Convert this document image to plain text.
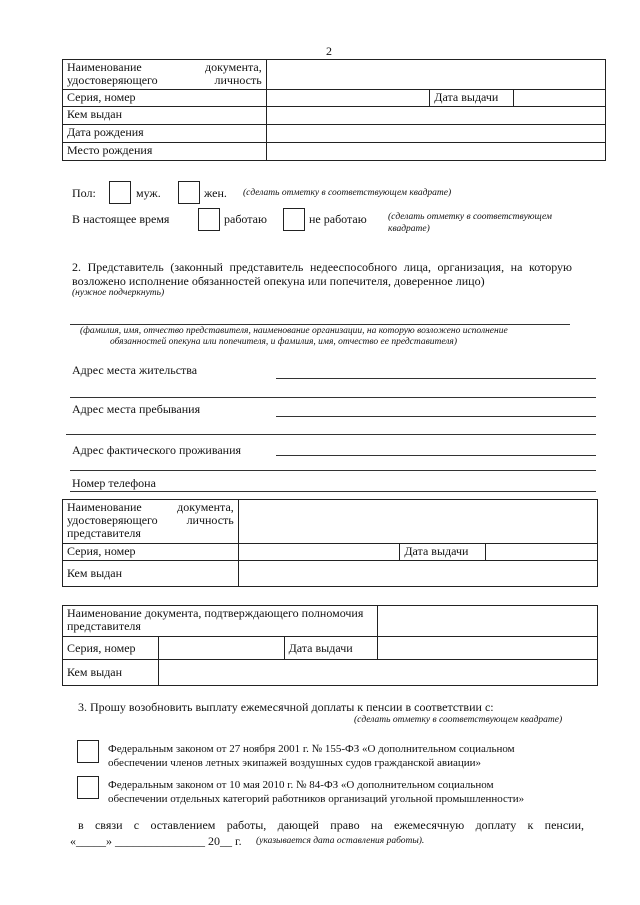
2
Наименование документа, удостоверяющего личность			

Серия, номер		Дата выдачи	
Кем выдан			
Дата рождения			
Место рождения			
Пол:	муж.	жен. (сделать отметку в соответствующем квадрате)
В настоящее время	работаю	не работаю (сделать отметку в соответствующем
квадрате)
2. Представитель (законный представитель недееспособного лица, организация, на которую возложено исполнение обязанностей опекуна или попечителя, доверенное лицо)
(нужное подчеркнуть)
(фамилия, имя, отчество представителя, наименование организации, на которую возложено исполнение
обязанностей опекуна или попечителя, и фамилия, имя, отчество ее представителя)
Адрес места жительства
Адрес места пребывания
Адрес фактического проживания
Номер телефона
Наименование документа, удостоверяющего личность представителя			

Серия, номер		Дата выдачи	
Кем выдан			
Наименование документа, подтверждающего полномочия представителя			
Серия, номер		Дата выдачи	
Кем выдан			
3. Прошу возобновить выплату ежемесячной доплаты к пенсии в соответствии с:
(сделать отметку в соответствующем квадрате)
Федеральным законом от 27 ноября 2001 г. № 155-ФЗ «О дополнительном социальном
обеспечении членов летных экипажей воздушных судов гражданской авиации»
Федеральным законом от 10 мая 2010 г. № 84-ФЗ «О дополнительном социальном
обеспечении отдельных категорий работников организаций угольной промышленности»
в связи с оставлением работы, дающей право на ежемесячную доплату к пенсии,
«_____» _______________ 20__ г. (указывается дата оставления работы).
